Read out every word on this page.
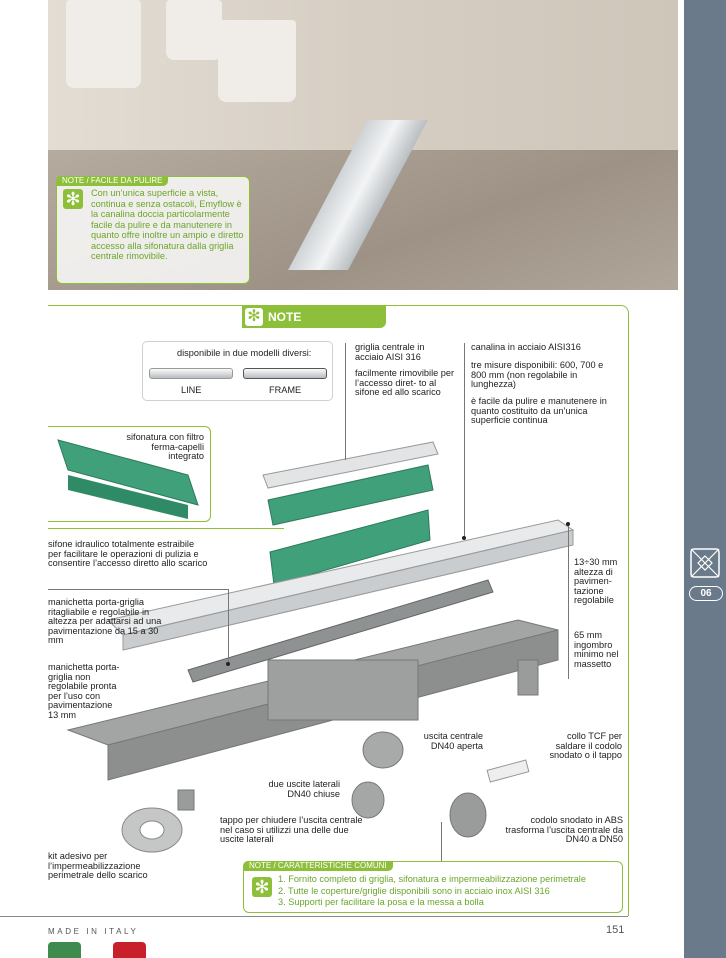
NOTE / FACILE DA PULIRE
✻ Con un’unica superficie a vista, continua e senza ostacoli, Emyflow è la canalina doccia particolarmente facile da pulire e da manutenere in quanto offre inoltre un ampio e diretto accesso alla sifonatura dalla griglia centrale rimovibile.
06
✻ NOTE
disponibile in due modelli diversi:
LINE	FRAME
griglia centrale in acciaio AISI 316
facilmente rimovibile per l’accesso diret- to al sifone ed allo scarico
canalina in acciaio AISI316
tre misure disponibili: 600, 700 e 800 mm (non regolabile in lunghezza)
è facile da pulire e manutenere in quanto costituito da un’unica superficie continua
sifonatura con filtro ferma-capelli integrato
sifone idraulico totalmente estraibile per facilitare le operazioni di pulizia e consentire l’accesso diretto allo scarico
manichetta porta-griglia ritagliabile e regolabile in altezza per adattarsi ad una pavimentazione da 15 a 30 mm
manichetta porta-griglia non regolabile pronta per l’uso con pavimentazione 13 mm
13÷30 mm altezza di pavimen- tazione regolabile
65 mm ingombro minimo nel massetto
uscita centrale DN40 aperta
collo TCF per saldare il codolo snodato o il tappo
due uscite laterali DN40 chiuse
tappo per chiudere l’uscita centrale nel caso si utilizzi una delle due uscite laterali
codolo snodato in ABS trasforma l’uscita centrale da DN40 a DN50
kit adesivo per l’impermeabilizzazione perimetrale dello scarico
NOTE / CARATTERISTICHE COMUNI
✻ 1. Fornito completo di griglia, sifonatura e impermeabilizzazione perimetrale
2. Tutte le coperture/griglie disponibili sono in acciaio inox AISI 316
3. Supporti per facilitare la posa e la messa a bolla
MADE IN ITALY	151
